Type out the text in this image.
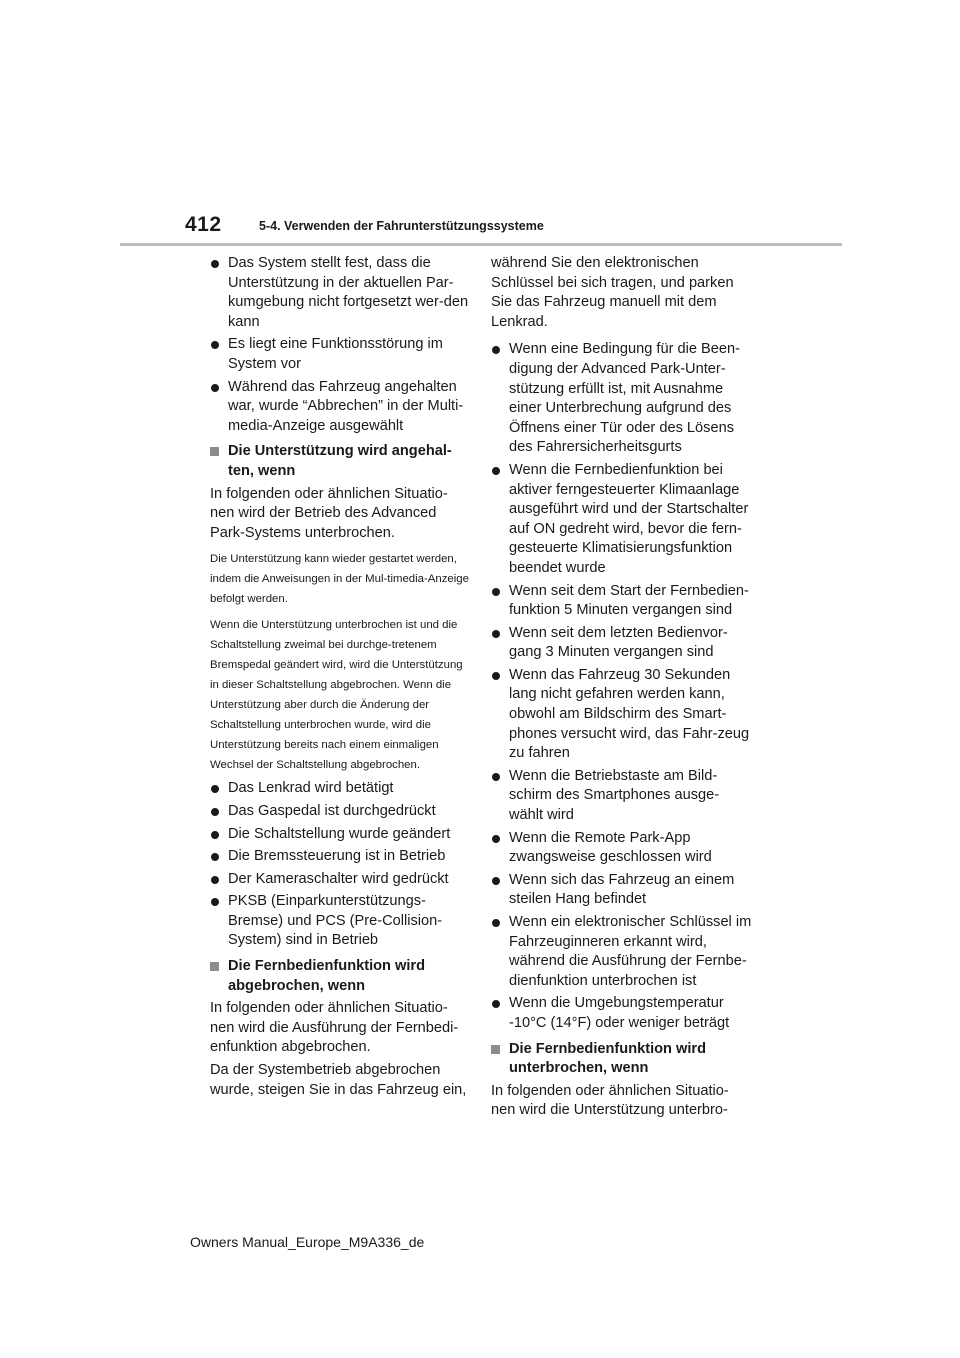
412	5-4. Verwenden der Fahrunterstützungssysteme
Das System stellt fest, dass die Unterstützung in der aktuellen Par-kumgebung nicht fortgesetzt wer-den kann
Es liegt eine Funktionsstörung im System vor
Während das Fahrzeug angehalten war, wurde “Abbrechen” in der Multi-media-Anzeige ausgewählt
Die Unterstützung wird angehal-ten, wenn
In folgenden oder ähnlichen Situatio-nen wird der Betrieb des Advanced Park-Systems unterbrochen.
Die Unterstützung kann wieder gestartet werden, indem die Anweisungen in der Mul-timedia-Anzeige befolgt werden.
Wenn die Unterstützung unterbrochen ist und die Schaltstellung zweimal bei durchge-tretenem Bremspedal geändert wird, wird die Unterstützung in dieser Schaltstellung abgebrochen. Wenn die Unterstützung aber durch die Änderung der Schaltstellung unterbrochen wurde, wird die Unterstützung bereits nach einem einmaligen Wechsel der Schaltstellung abgebrochen.
Das Lenkrad wird betätigt
Das Gaspedal ist durchgedrückt
Die Schaltstellung wurde geändert
Die Bremssteuerung ist in Betrieb
Der Kameraschalter wird gedrückt
PKSB (Einparkunterstützungs-Bremse) und PCS (Pre-Collision-System) sind in Betrieb
Die Fernbedienfunktion wird abgebrochen, wenn
In folgenden oder ähnlichen Situatio-nen wird die Ausführung der Fernbedi-enfunktion abgebrochen.
Da der Systembetrieb abgebrochen wurde, steigen Sie in das Fahrzeug ein,
während Sie den elektronischen Schlüssel bei sich tragen, und parken Sie das Fahrzeug manuell mit dem Lenkrad.
Wenn eine Bedingung für die Been-digung der Advanced Park-Unter-stützung erfüllt ist, mit Ausnahme einer Unterbrechung aufgrund des Öffnens einer Tür oder des Lösens des Fahrersicherheitsgurts
Wenn die Fernbedienfunktion bei aktiver ferngesteuerter Klimaanlage ausgeführt wird und der Startschalter auf ON gedreht wird, bevor die fern-gesteuerte Klimatisierungsfunktion beendet wurde
Wenn seit dem Start der Fernbedien-funktion 5 Minuten vergangen sind
Wenn seit dem letzten Bedienvor-gang 3 Minuten vergangen sind
Wenn das Fahrzeug 30 Sekunden lang nicht gefahren werden kann, obwohl am Bildschirm des Smart-phones versucht wird, das Fahr-zeug zu fahren
Wenn die Betriebstaste am Bild-schirm des Smartphones ausge-wählt wird
Wenn die Remote Park-App zwangsweise geschlossen wird
Wenn sich das Fahrzeug an einem steilen Hang befindet
Wenn ein elektronischer Schlüssel im Fahrzeuginneren erkannt wird, während die Ausführung der Fernbe-dienfunktion unterbrochen ist
Wenn die Umgebungstemperatur -10°C (14°F) oder weniger beträgt
Die Fernbedienfunktion wird unterbrochen, wenn
In folgenden oder ähnlichen Situatio-nen wird die Unterstützung unterbro-
Owners Manual_Europe_M9A336_de
